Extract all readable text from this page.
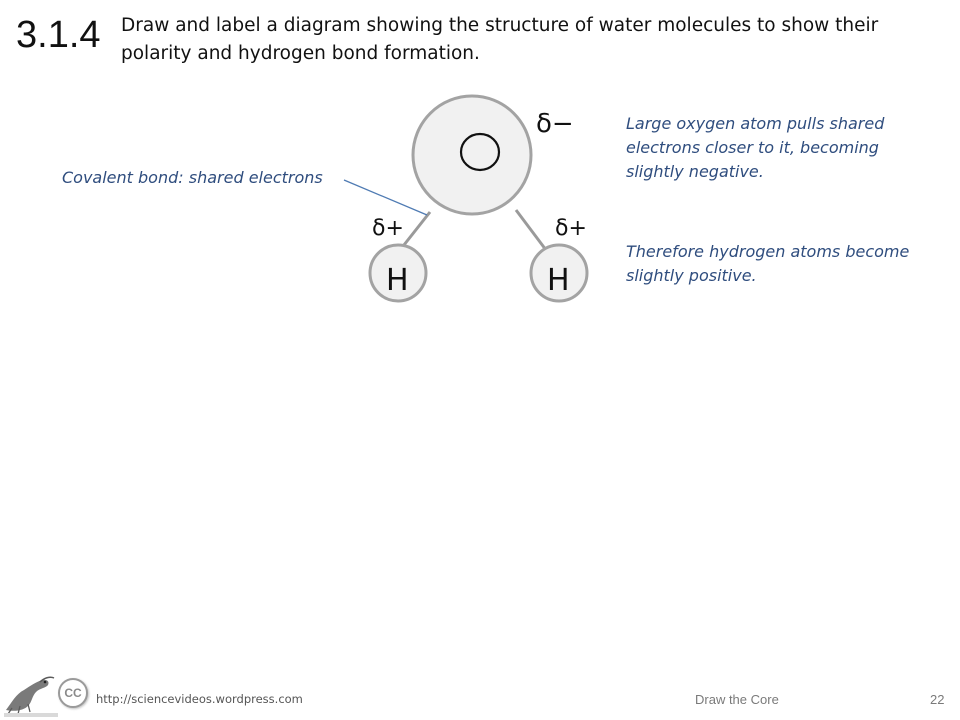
3.1.4 Draw and label a diagram showing the structure of water molecules to show their polarity and hydrogen bond formation.
H	H
δ−
δ+	δ+
Covalent bond: shared electrons
Large oxygen atom pulls shared electrons closer to it, becoming slightly negative.
Therefore hydrogen atoms become slightly positive.
CC	http://sciencevideos.wordpress.com	Draw the Core	22
